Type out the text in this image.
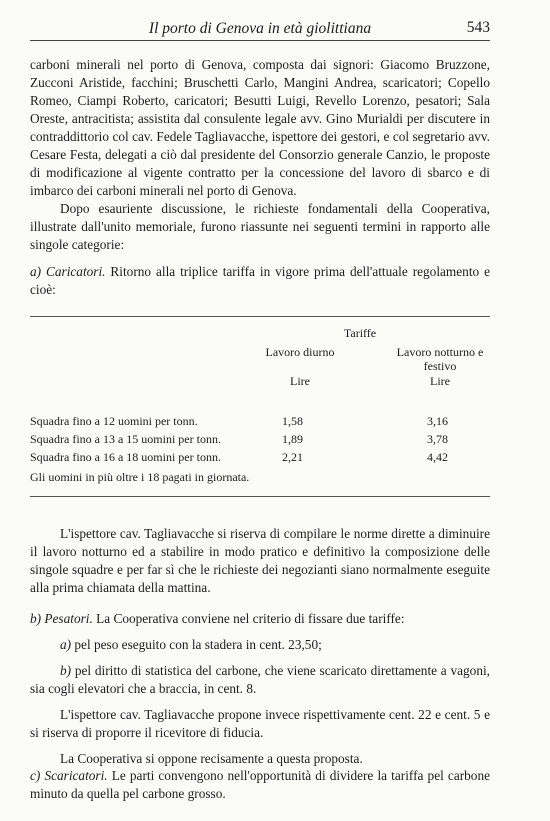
Il porto di Genova in età giolittiana	543

carboni minerali nel porto di Genova, composta dai signori: Giacomo Bruzzone, Zucconi Aristide, facchini; Bruschetti Carlo, Mangini Andrea, scaricatori; Copello Romeo, Ciampi Roberto, caricatori; Besutti Luigi, Revello Lorenzo, pesatori; Sala Oreste, antracitista; assistita dal consulente legale avv. Gino Murialdi per discutere in contraddittorio col cav. Fedele Tagliavacche, ispettore dei gestori, e col segretario avv. Cesare Festa, delegati a ciò dal presidente del Consorzio generale Canzio, le proposte di modificazione al vigente contratto per la concessione del lavoro di sbarco e di imbarco dei carboni minerali nel porto di Genova.

Dopo esauriente discussione, le richieste fondamentali della Cooperativa, illustrate dall'unito memoriale, furono riassunte nei seguenti termini in rapporto alle singole categorie:

a) Caricatori. Ritorno alla triplice tariffa in vigore prima dell'attuale regolamento e cioè:

Tariffe
Lavoro diurno	Lavoro notturno e festivo
Lire	Lire
Squadra fino a 12 uomini per tonn.	1,58	3,16
Squadra fino a 13 a 15 uomini per tonn.	1,89	3,78
Squadra fino a 16 a 18 uomini per tonn.	2,21	4,42
Gli uomini in più oltre i 18 pagati in giornata.

L'ispettore cav. Tagliavacche si riserva di compilare le norme dirette a diminuire il lavoro notturno ed a stabilire in modo pratico e definitivo la composizione delle singole squadre e per far sì che le richieste dei negozianti siano normalmente eseguite alla prima chiamata della mattina.

b) Pesatori. La Cooperativa conviene nel criterio di fissare due tariffe:

a) pel peso eseguito con la stadera in cent. 23,50;

b) pel diritto di statistica del carbone, che viene scaricato direttamente a vagoni, sia cogli elevatori che a braccia, in cent. 8.

L'ispettore cav. Tagliavacche propone invece rispettivamente cent. 22 e cent. 5 e si riserva di proporre il ricevitore di fiducia.

La Cooperativa si oppone recisamente a questa proposta.

c) Scaricatori. Le parti convengono nell'opportunità di dividere la tariffa pel carbone minuto da quella pel carbone grosso.
